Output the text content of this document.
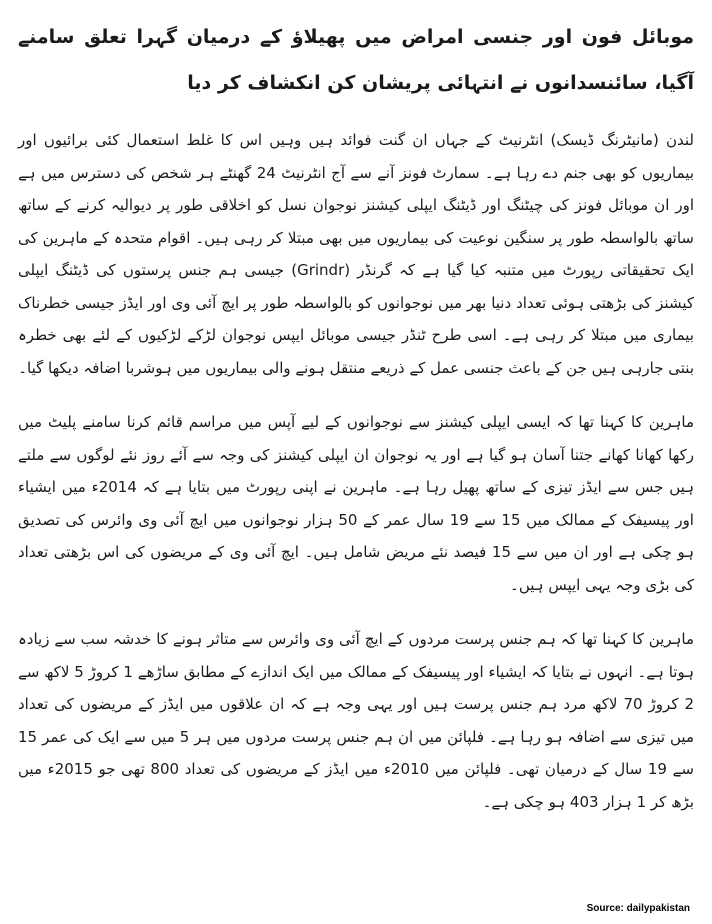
موبائل فون اور جنسی امراض میں پھیلاؤ کے درمیان گہرا تعلق سامنے آگیا، سائنسدانوں نے انتہائی پریشان کن انکشاف کر دیا

لندن (مانیٹرنگ ڈیسک) انٹرنیٹ کے جہاں ان گنت فوائد ہیں وہیں اس کا غلط استعمال کئی برائیوں اور بیماریوں کو بھی جنم دے رہا ہے۔ سمارٹ فونز آنے سے آج انٹرنیٹ 24 گھنٹے ہر شخص کی دسترس میں ہے اور ان موبائل فونز کی چیٹنگ اور ڈیٹنگ ایپلی کیشنز نوجوان نسل کو اخلاقی طور پر دیوالیہ کرنے کے ساتھ ساتھ بالواسطہ طور پر سنگین نوعیت کی بیماریوں میں بھی مبتلا کر رہی ہیں۔ اقوام متحدہ کے ماہرین کی ایک تحقیقاتی رپورٹ میں متنبہ کیا گیا ہے کہ گرنڈر (Grindr) جیسی ہم جنس پرستوں کی ڈیٹنگ ایپلی کیشنز کی بڑھتی ہوئی تعداد دنیا بھر میں نوجوانوں کو بالواسطہ طور پر ایچ آئی وی اور ایڈز جیسی خطرناک بیماری میں مبتلا کر رہی ہے۔ اسی طرح ٹنڈر جیسی موبائل ایپس نوجوان لڑکے لڑکیوں کے لئے بھی خطرہ بنتی جارہی ہیں جن کے باعث جنسی عمل کے ذریعے منتقل ہونے والی بیماریوں میں ہوشربا اضافہ دیکھا گیا۔

ماہرین کا کہنا تھا کہ ایسی ایپلی کیشنز سے نوجوانوں کے لیے آپس میں مراسم قائم کرنا سامنے پلیٹ میں رکھا کھانا کھانے جتنا آسان ہو گیا ہے اور یہ نوجوان ان ایپلی کیشنز کی وجہ سے آئے روز نئے لوگوں سے ملتے ہیں جس سے ایڈز تیزی کے ساتھ پھیل رہا ہے۔ ماہرین نے اپنی رپورٹ میں بتایا ہے کہ 2014ء میں ایشیاء اور پیسیفک کے ممالک میں 15 سے 19 سال عمر کے 50 ہزار نوجوانوں میں ایچ آئی وی وائرس کی تصدیق ہو چکی ہے اور ان میں سے 15 فیصد نئے مریض شامل ہیں۔ ایچ آئی وی کے مریضوں کی اس بڑھتی تعداد کی بڑی وجہ یہی ایپس ہیں۔

ماہرین کا کہنا تھا کہ ہم جنس پرست مردوں کے ایچ آئی وی وائرس سے متاثر ہونے کا خدشہ سب سے زیادہ ہوتا ہے۔ انہوں نے بتایا کہ ایشیاء اور پیسیفک کے ممالک میں ایک اندازے کے مطابق ساڑھے 1 کروڑ 5 لاکھ سے 2 کروڑ 70 لاکھ مرد ہم جنس پرست ہیں اور یہی وجہ ہے کہ ان علاقوں میں ایڈز کے مریضوں کی تعداد میں تیزی سے اضافہ ہو رہا ہے۔ فلپائن میں ان ہم جنس پرست مردوں میں ہر 5 میں سے ایک کی عمر 15 سے 19 سال کے درمیان تھی۔ فلپائن میں 2010ء میں ایڈز کے مریضوں کی تعداد 800 تھی جو 2015ء میں بڑھ کر 1 ہزار 403 ہو چکی ہے۔

Source: dailypakistan
